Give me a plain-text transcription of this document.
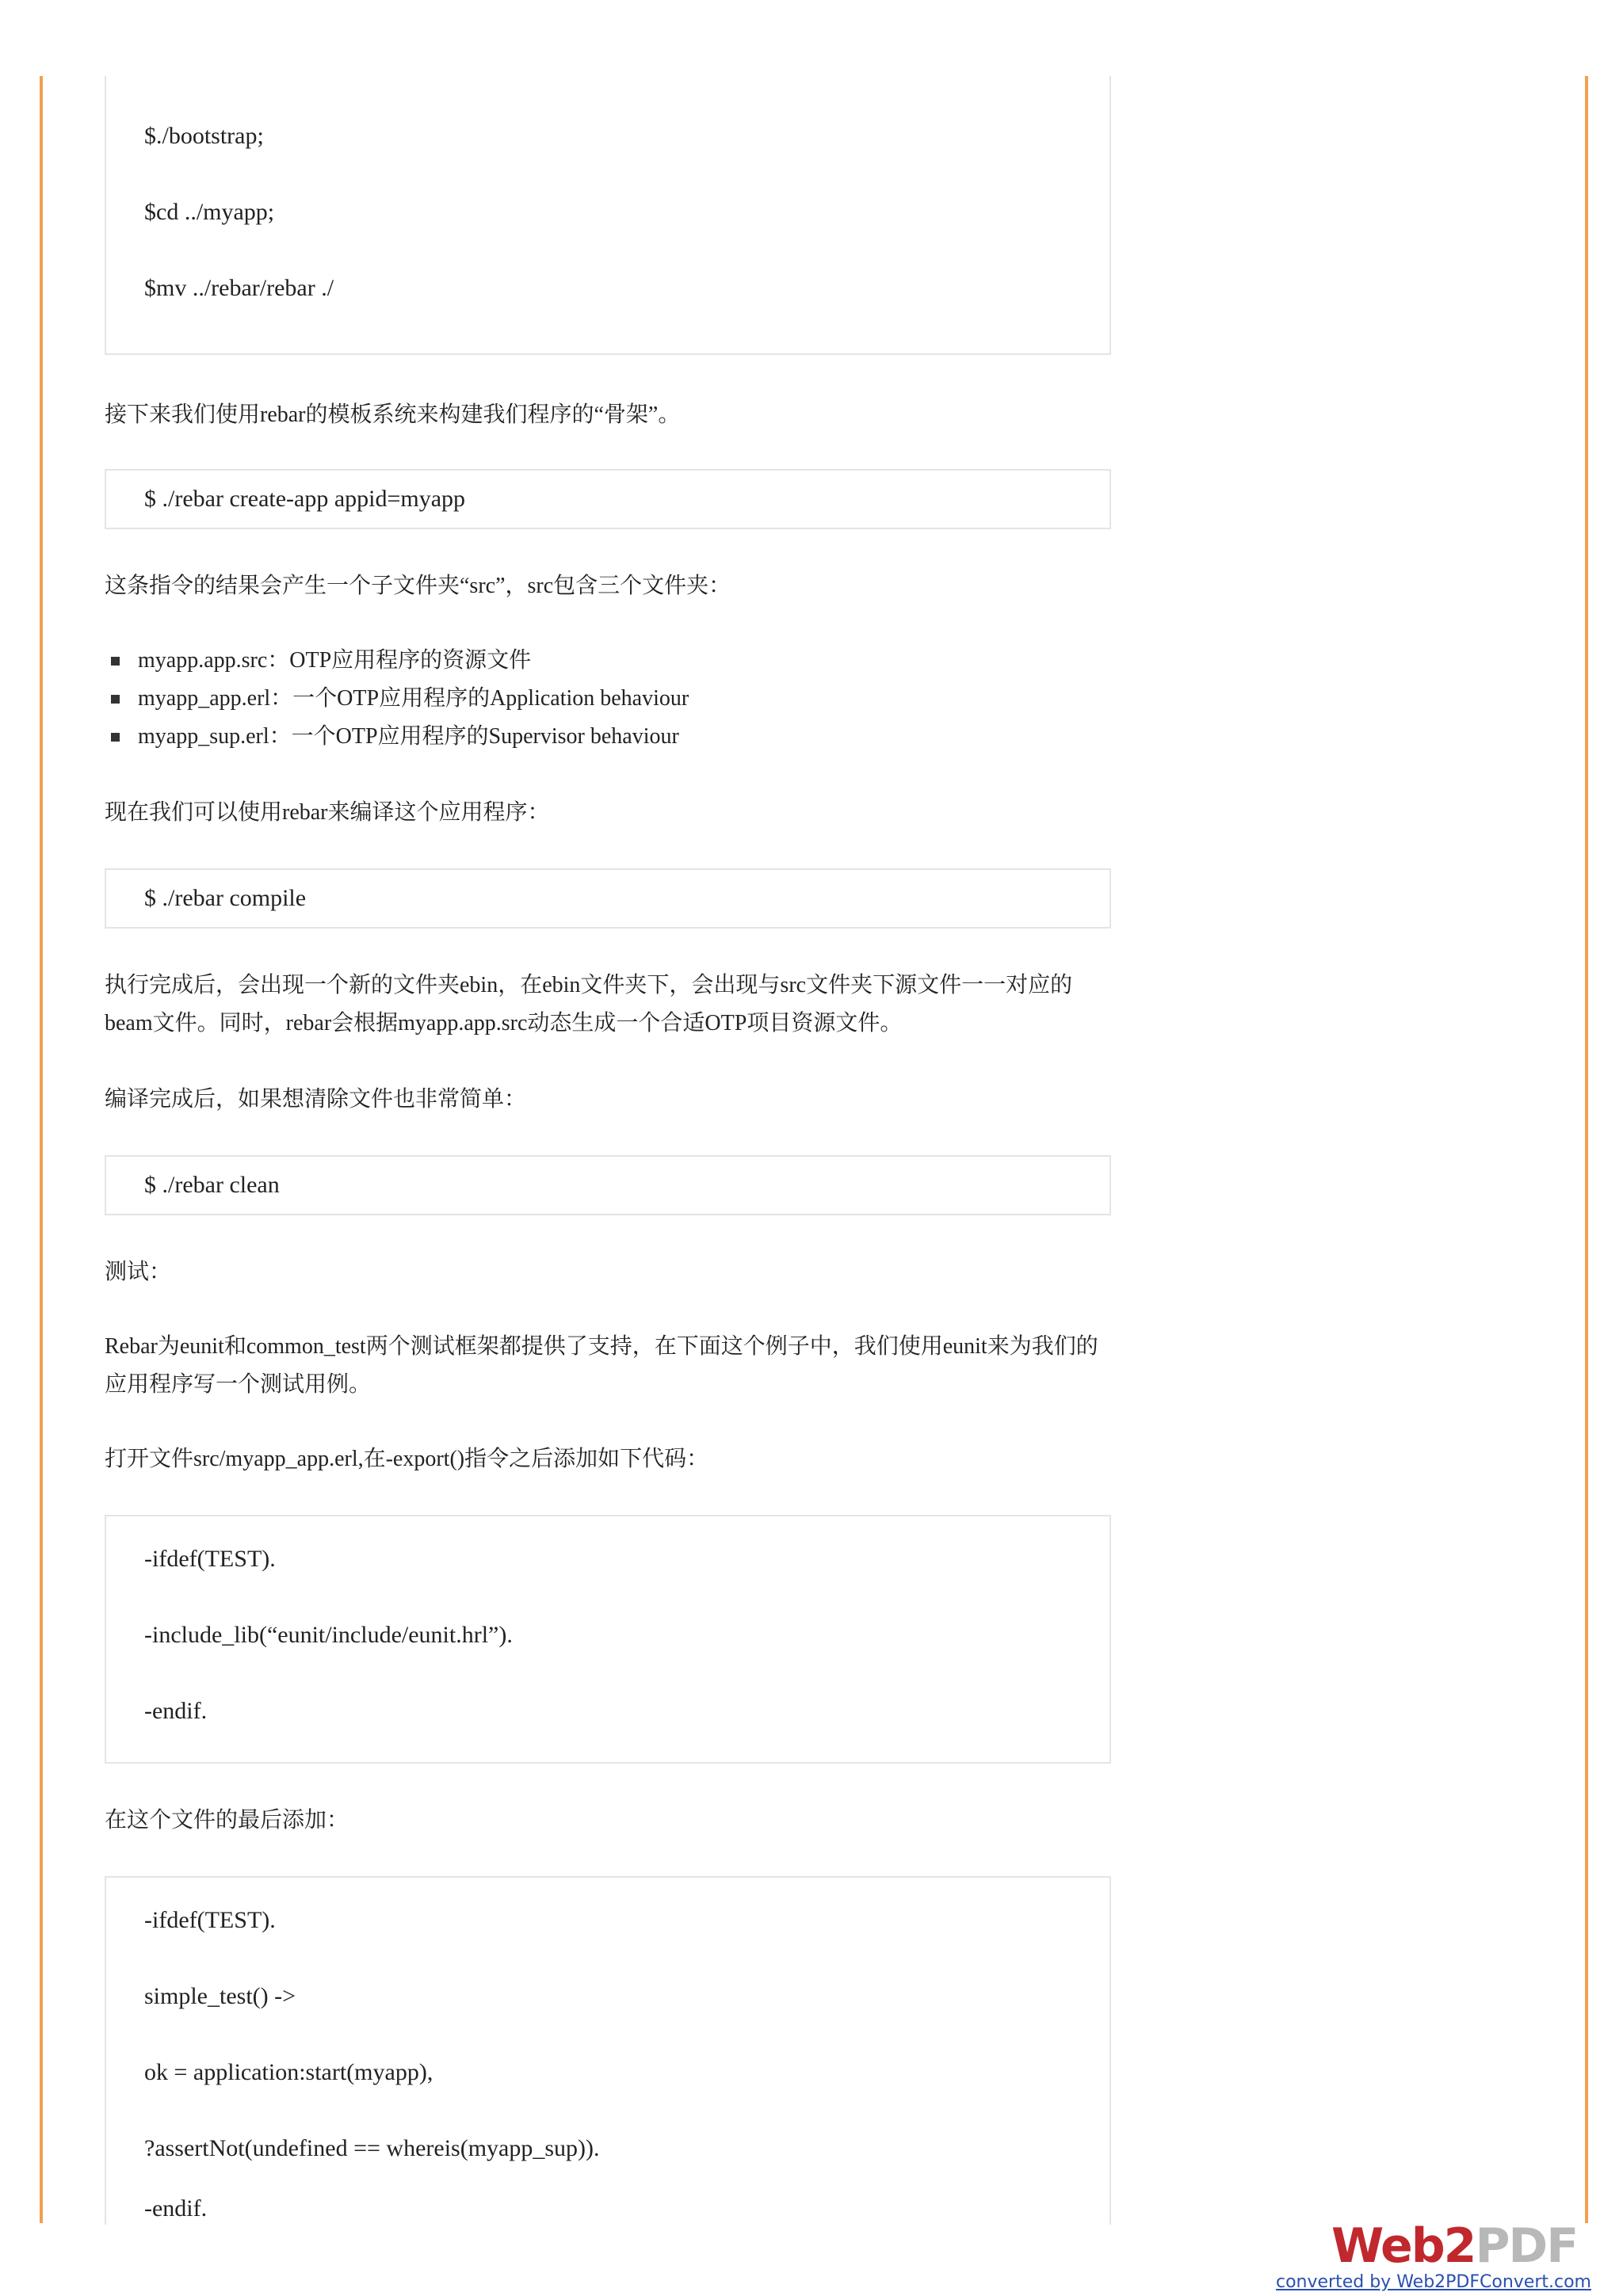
$./bootstrap;
$cd ../myapp;
$mv ../rebar/rebar ./
接下来我们使用rebar的模板系统来构建我们程序的“骨架”。
$ ./rebar create-app appid=myapp
这条指令的结果会产生一个子文件夹“src”，src包含三个文件夹：
myapp.app.src：OTP应用程序的资源文件
myapp_app.erl：一个OTP应用程序的Application behaviour
myapp_sup.erl：一个OTP应用程序的Supervisor behaviour
现在我们可以使用rebar来编译这个应用程序：
$ ./rebar compile
执行完成后，会出现一个新的文件夹ebin，在ebin文件夹下，会出现与src文件夹下源文件一一对应的beam文件。同时，rebar会根据myapp.app.src动态生成一个合适OTP项目资源文件。
编译完成后，如果想清除文件也非常简单：
$ ./rebar clean
测试：
Rebar为eunit和common_test两个测试框架都提供了支持，在下面这个例子中，我们使用eunit来为我们的应用程序写一个测试用例。
打开文件src/myapp_app.erl,在-export()指令之后添加如下代码：
-ifdef(TEST).
-include_lib(“eunit/include/eunit.hrl”).
-endif.
在这个文件的最后添加：
-ifdef(TEST).
simple_test() ->
ok = application:start(myapp),
?assertNot(undefined == whereis(myapp_sup)).
-endif.
Web2PDF
converted by Web2PDFConvert.com
